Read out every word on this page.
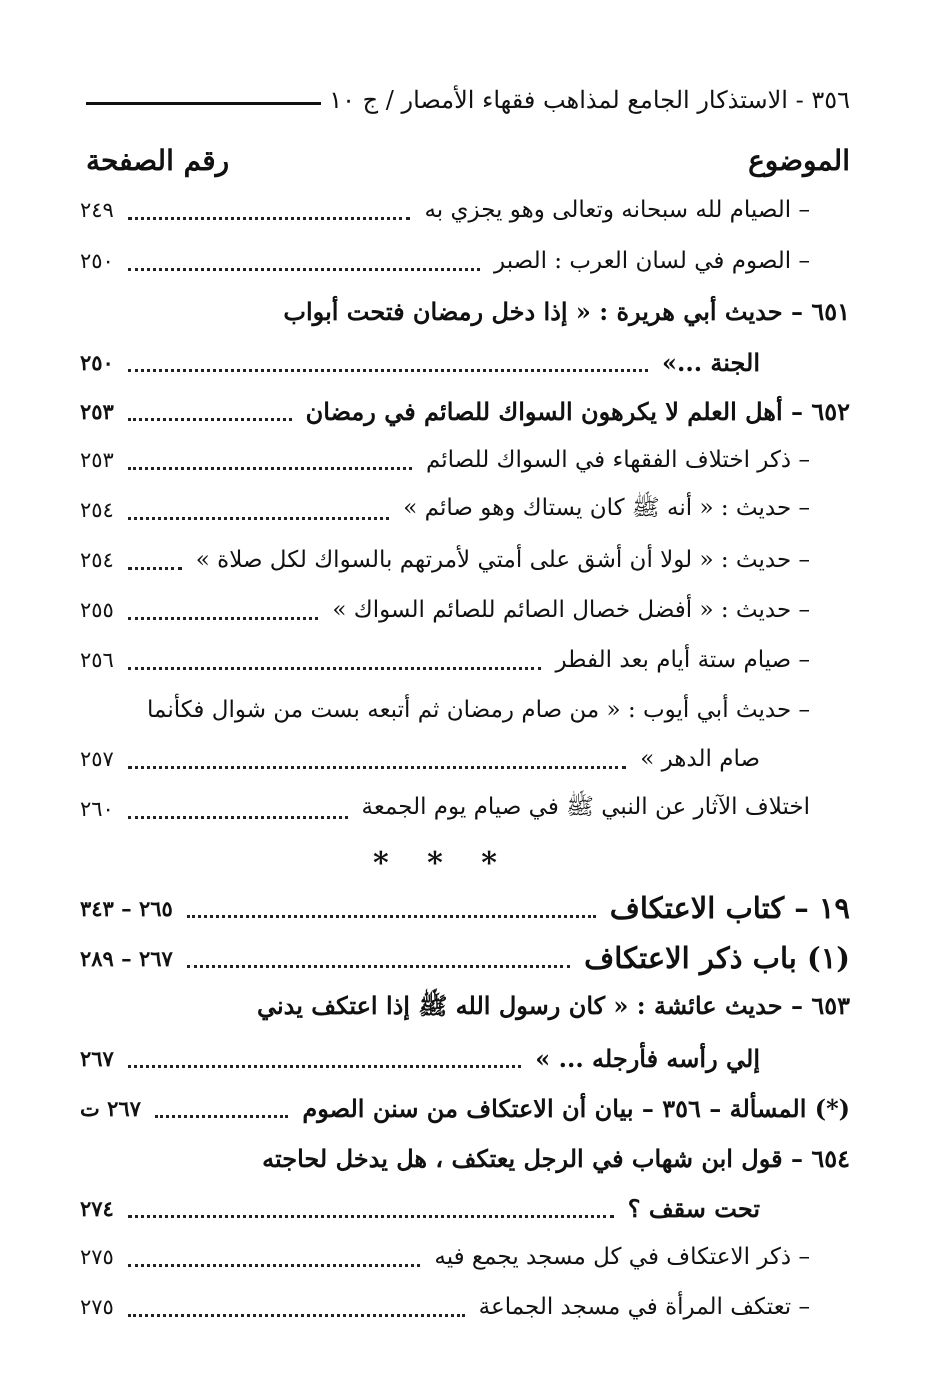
٣٥٦ - الاستذكار الجامع لمذاهب فقهاء الأمصار / ج ١٠
الموضوع
رقم الصفحة
– الصيام لله سبحانه وتعالى وهو يجزي به
٢٤٩
– الصوم في لسان العرب : الصبر
٢٥٠
٦٥١ – حديث أبي هريرة : « إذا دخل رمضان فتحت أبواب
الجنة ...»
٢٥٠
٦٥٢ – أهل العلم لا يكرهون السواك للصائم في رمضان
٢٥٣
– ذكر اختلاف الفقهاء في السواك للصائم
٢٥٣
– حديث : « أنه ﷺ كان يستاك وهو صائم »
٢٥٤
– حديث : « لولا أن أشق على أمتي لأمرتهم بالسواك لكل صلاة »
٢٥٤
– حديث : « أفضل خصال الصائم للصائم السواك »
٢٥٥
– صيام ستة أيام بعد الفطر
٢٥٦
– حديث أبي أيوب : « من صام رمضان ثم أتبعه بست من شوال فكأنما
صام الدهر »
٢٥٧
اختلاف الآثار عن النبي ﷺ في صيام يوم الجمعة
٢٦٠
١٩ – كتاب الاعتكاف
٢٦٥ – ٣٤٣
(١) باب ذكر الاعتكاف
٢٦٧ – ٢٨٩
٦٥٣ – حديث عائشة : « كان رسول الله ﷺ إذا اعتكف يدني
إلي رأسه فأرجله ... »
٢٦٧
(*) المسألة – ٣٥٦ – بيان أن الاعتكاف من سنن الصوم
٢٦٧ ت
٦٥٤ – قول ابن شهاب في الرجل يعتكف ، هل يدخل لحاجته
تحت سقف ؟
٢٧٤
– ذكر الاعتكاف في كل مسجد يجمع فيه
٢٧٥
– تعتكف المرأة في مسجد الجماعة
٢٧٥
* * *
